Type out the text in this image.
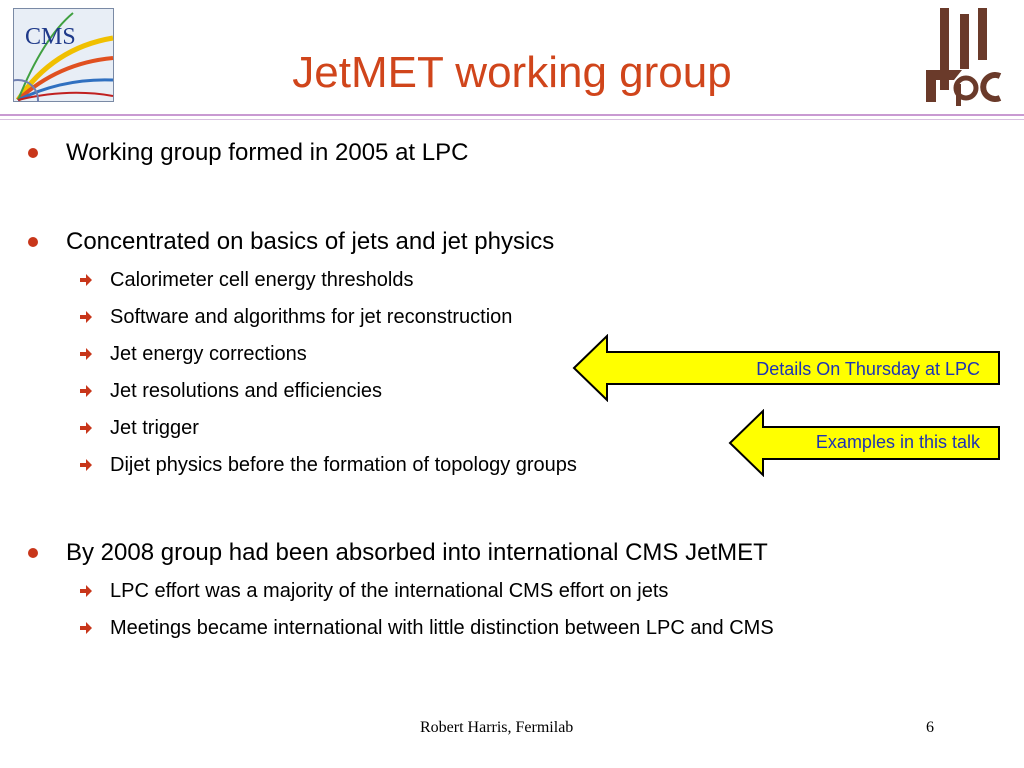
CMS
JetMET working group
Working group formed in 2005 at LPC
Concentrated on basics of jets and jet physics
By 2008 group had been absorbed into international CMS JetMET
Calorimeter cell energy thresholds
Software and algorithms for jet reconstruction
Jet energy corrections
Jet resolutions and efficiencies
Jet trigger
Dijet physics before the formation of topology groups
LPC effort was a majority of the international CMS effort on jets
Meetings became international with little distinction between LPC and CMS
Details On Thursday at LPC
Examples in this talk
Robert Harris, Fermilab	6
